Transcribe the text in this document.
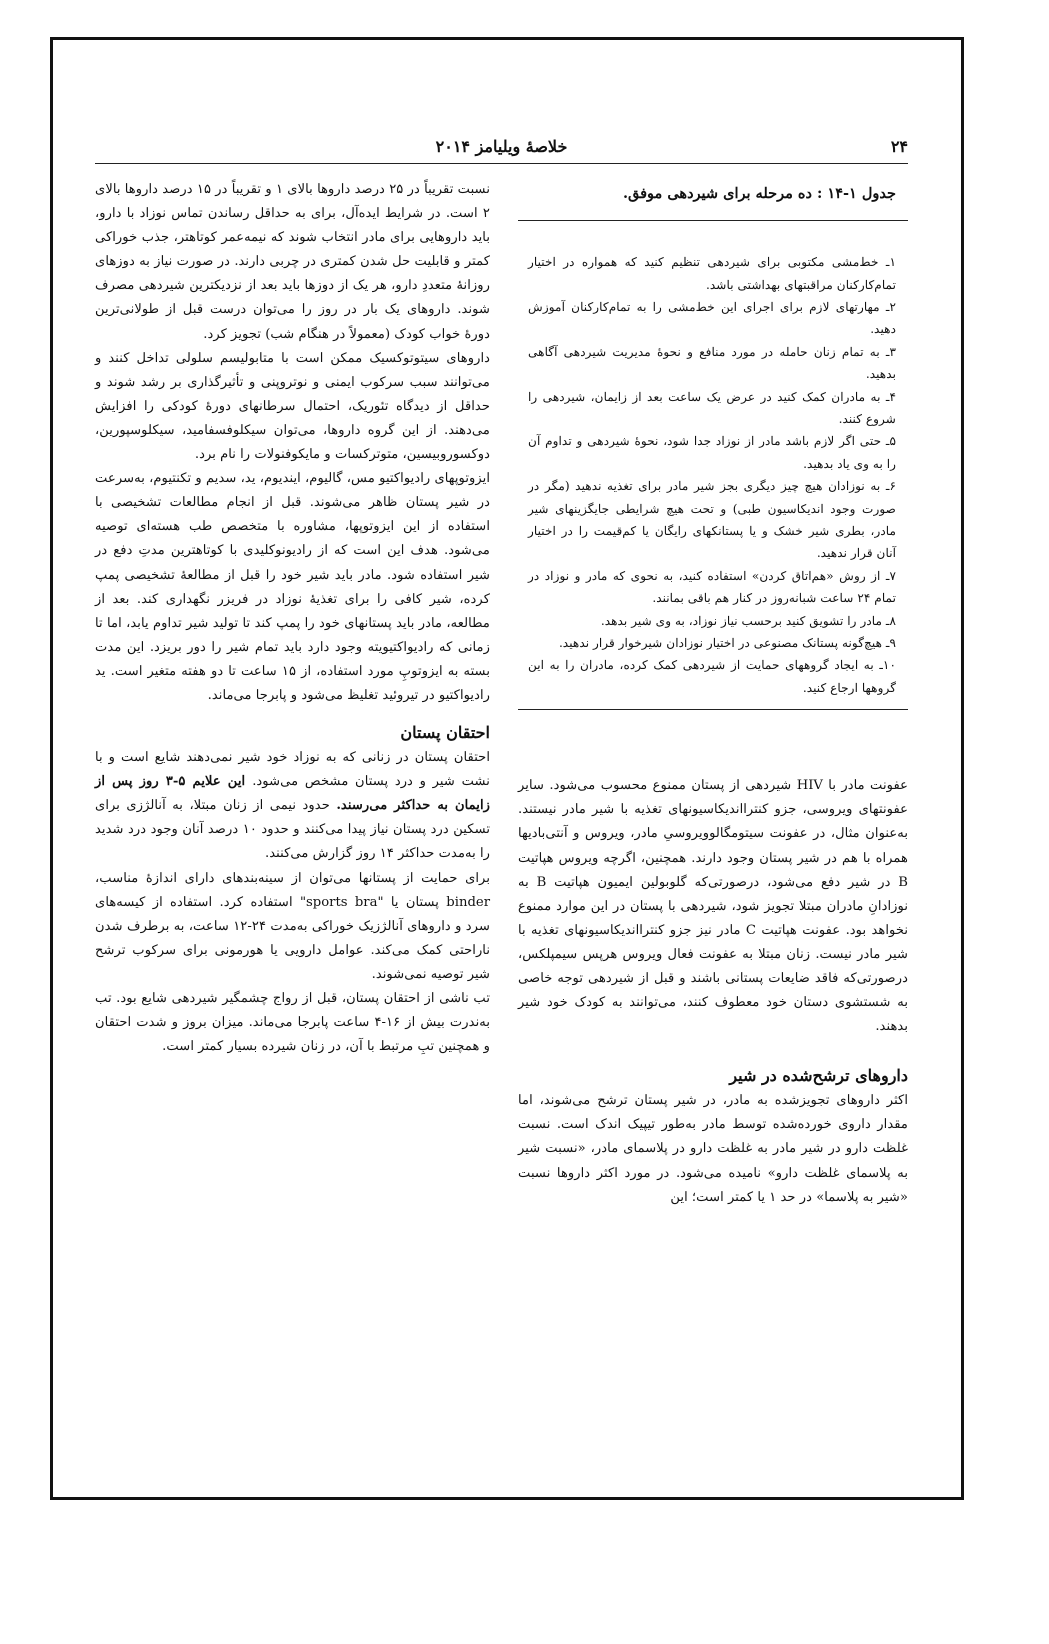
۲۴
خلاصهٔ ویلیامز ۲۰۱۴
جدول ۱-۱۴ : ده مرحله برای شیردهی موفق.

۱ـ خط‌مشی مکتوبی برای شیردهی تنظیم کنید که همواره در اختیار تمام‌کارکنان مراقبتهای بهداشتی باشد.

۲ـ مهارتهای لازم برای اجرای این خط‌مشی را به تمام‌کارکنان آموزش دهید.

۳ـ به تمام زنان حامله در مورد منافع و نحوهٔ مدیریت شیردهی آگاهی بدهید.

۴ـ به مادران کمک کنید در عرض یک ساعت بعد از زایمان، شیردهی را شروع کنند.

۵ـ حتی اگر لازم باشد مادر از نوزاد جدا شود، نحوهٔ شیردهی و تداوم آن را به وی یاد بدهید.

۶ـ به نوزادان هیچ چیز دیگری بجز شیر مادر برای تغذیه ندهید (مگر در صورت وجود اندیکاسیون طبی) و تحت هیچ شرایطی جایگزینهای شیر مادر، بطری شیر خشک و یا پستانکهای رایگان یا کم‌قیمت را در اختیار آنان قرار ندهید.

۷ـ از روش «هم‌اتاق کردن» استفاده کنید، به نحوی که مادر و نوزاد در تمام ۲۴ ساعت شبانه‌روز در کنار هم باقی بمانند.

۸ـ مادر را تشویق کنید برحسب نیاز نوزاد، به وی شیر بدهد.

۹ـ هیچ‌گونه پستانک مصنوعی در اختیار نوزادان شیرخوار قرار ندهید.

۱۰ـ به ایجاد گروههای حمایت از شیردهی کمک کرده، مادران را به این گروهها ارجاع کنید.

عفونت مادر با HIV شیردهی از پستان ممنوع محسوب می‌شود. سایر عفونتهای ویروسی، جزو کنترااندیکاسیونهای تغذیه با شیر مادر نیستند. به‌عنوان مثال، در عفونت سیتومگالوویروسیِ مادر، ویروس و آنتی‌بادیها همراه با هم در شیر پستان وجود دارند. همچنین، اگرچه ویروس هپاتیت B در شیر دفع می‌شود، درصورتی‌که گلوبولین ایمیون هپاتیت B به نوزادانِ مادران مبتلا تجویز شود، شیردهی با پستان در این موارد ممنوع نخواهد بود. عفونت هپاتیت C مادر نیز جزو کنترااندیکاسیونهای تغذیه با شیر مادر نیست. زنان مبتلا به عفونت فعال ویروس هرپس سیمپلکس، درصورتی‌که فاقد ضایعات پستانی باشند و قبل از شیردهی توجه خاصی به شستشوی دستان خود معطوف کنند، می‌توانند به کودک خود شیر بدهند.

داروهای ترشح‌شده در شیر

اکثر داروهای تجویزشده به مادر، در شیر پستان ترشح می‌شوند، اما مقدار داروی خورده‌شده توسط مادر به‌طور تیپیک اندک است. نسبت غلظت دارو در شیر مادر به غلظت دارو در پلاسمای مادر، «نسبت شیر به پلاسمای غلظت دارو» نامیده می‌شود. در مورد اکثر داروها نسبت «شیر به پلاسما» در حد ۱ یا کمتر است؛ این

نسبت تقریباً در ۲۵ درصد داروها بالای ۱ و تقریباً در ۱۵ درصد داروها بالای ۲ است. در شرایط ایده‌آل، برای به حداقل رساندن تماس نوزاد با دارو، باید داروهایی برای مادر انتخاب شوند که نیمه‌عمر کوتاهتر، جذب خوراکی کمتر و قابلیت حل شدن کمتری در چربی دارند. در صورت نیاز به دوزهای روزانهٔ متعددِ دارو، هر یک از دوزها باید بعد از نزدیکترین شیردهی مصرف شوند. داروهای یک بار در روز را می‌توان درست قبل از طولانی‌ترین دورهٔ خواب کودک (معمولاً در هنگام شب) تجویز کرد.

داروهای سیتوتوکسیک ممکن است با متابولیسم سلولی تداخل کنند و می‌توانند سبب سرکوب ایمنی و نوتروپنی و تأثیرگذاری بر رشد شوند و حداقل از دیدگاه تئوریک، احتمال سرطانهای دورهٔ کودکی را افزایش می‌دهند. از این گروه داروها، می‌توان سیکلوفسفامید، سیکلوسپورین، دوکسوروبیسین، متوترکسات و مایکوفنولات را نام برد.

ایزوتوپهای رادیواکتیو مس، گالیوم، ایندیوم، ید، سدیم و تکنتیوم، به‌سرعت در شیر پستان ظاهر می‌شوند. قبل از انجام مطالعات تشخیصی با استفاده از این ایزوتوپها، مشاوره با متخصص طب هسته‌ای توصیه می‌شود. هدف این است که از رادیونوکلیدی با کوتاهترین مدتِ دفع در شیر استفاده شود. مادر باید شیر خود را قبل از مطالعهٔ تشخیصی پمپ کرده، شیر کافی را برای تغذیهٔ نوزاد در فریزر نگهداری کند. بعد از مطالعه، مادر باید پستانهای خود را پمپ کند تا تولید شیر تداوم یابد، اما تا زمانی که رادیواکتیویته وجود دارد باید تمام شیر را دور بریزد. این مدت بسته به ایزوتوپِ مورد استفاده، از ۱۵ ساعت تا دو هفته متغیر است. ید رادیواکتیو در تیروئید تغلیظ می‌شود و پابرجا می‌ماند.

احتقان پستان

احتقان پستان در زنانی که به نوزاد خود شیر نمی‌دهند شایع است و با نشت شیر و درد پستان مشخص می‌شود. این علایم ۵-۳ روز پس از زایمان به حداکثر می‌رسند. حدود نیمی از زنان مبتلا، به آنالژزی برای تسکین درد پستان نیاز پیدا می‌کنند و حدود ۱۰ درصد آنان وجود درد شدید را به‌مدت حداکثر ۱۴ روز گزارش می‌کنند.

برای حمایت از پستانها می‌توان از سینه‌بندهای دارای اندازهٔ مناسب، binder پستان یا "sports bra" استفاده کرد. استفاده از کیسه‌های سرد و داروهای آنالژزیک خوراکی به‌مدت ۲۴-۱۲ ساعت، به برطرف شدن ناراحتی کمک می‌کند. عوامل دارویی یا هورمونی برای سرکوب ترشح شیر توصیه نمی‌شوند.

تب ناشی از احتقان پستان، قبل از رواج چشمگیر شیردهی شایع بود. تب به‌ندرت بیش از ۱۶-۴ ساعت پابرجا می‌ماند. میزان بروز و شدت احتقان و همچنین تبِ مرتبط با آن، در زنان شیرده بسیار کمتر است.
